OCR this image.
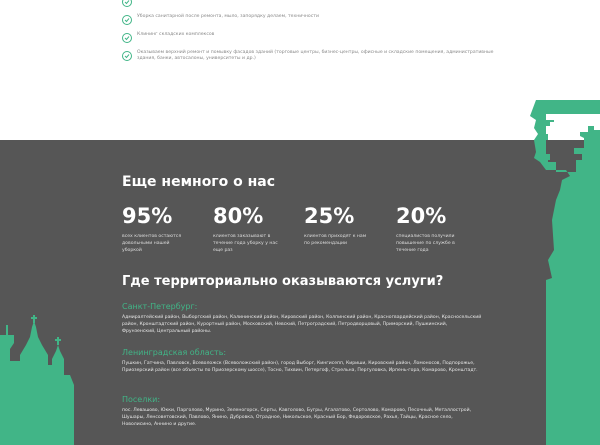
Уборка санитарной после ремонта, мыло, запорядку делаем, техничности
Клининг складских комплексов
Оказываем верхний ремонт и помывку фасадов зданий (торговые центры, бизнес-центры, офисные и складские помещения, административные здания, банки, автосалоны, университеты и др.)
Еще немного о нас
95%
всех клиентов остаются довольными нашей уборкой
80%
клиентов заказывают в течение года уборку у нас еще раз
25%
клиентов приходят к нам по рекомендации
20%
специалистов получили повышение по службе в течение года
Где территориально оказываются услуги?
Санкт-Петербург:
Адмиралтейский район, Выборгский район, Калининский район, Кировский район, Колпинский район, Красногвардейский район, Красносельский район, Кронштадтский район, Курортный район, Московский, Невский, Петроградский, Петродворцовый, Приморский, Пушкинский, Фрунзенский, Центральный районы.
Ленинградская область:
Пушкин, Гатчина, Павловск, Всеволожск (Всеволожский район), город Выборг, Кингисепп, Кириши, Кировский район, Ломоносов, Подпорожье, Приозерский район (все объекты по Приозерскому шоссе), Тосно, Тихвин, Петергоф, Стрельна, Пергуловка, Ирпень-гора, Комарово, Кронштадт.
Поселки:
пос. Левашово, Юкки, Парголово, Мурино, Зеленогорск, Серты, Кавголово, Бугры, Агалатово, Сертолово, Комарово, Песочный, Металлострой, Шушары, Ленсоветовский, Павлово, Янино, Дубровка, Отрадное, Никольское, Красный Бор, Федоровское, Рахья, Тайцы, Красное село, Новолисино, Аннино и другие.
